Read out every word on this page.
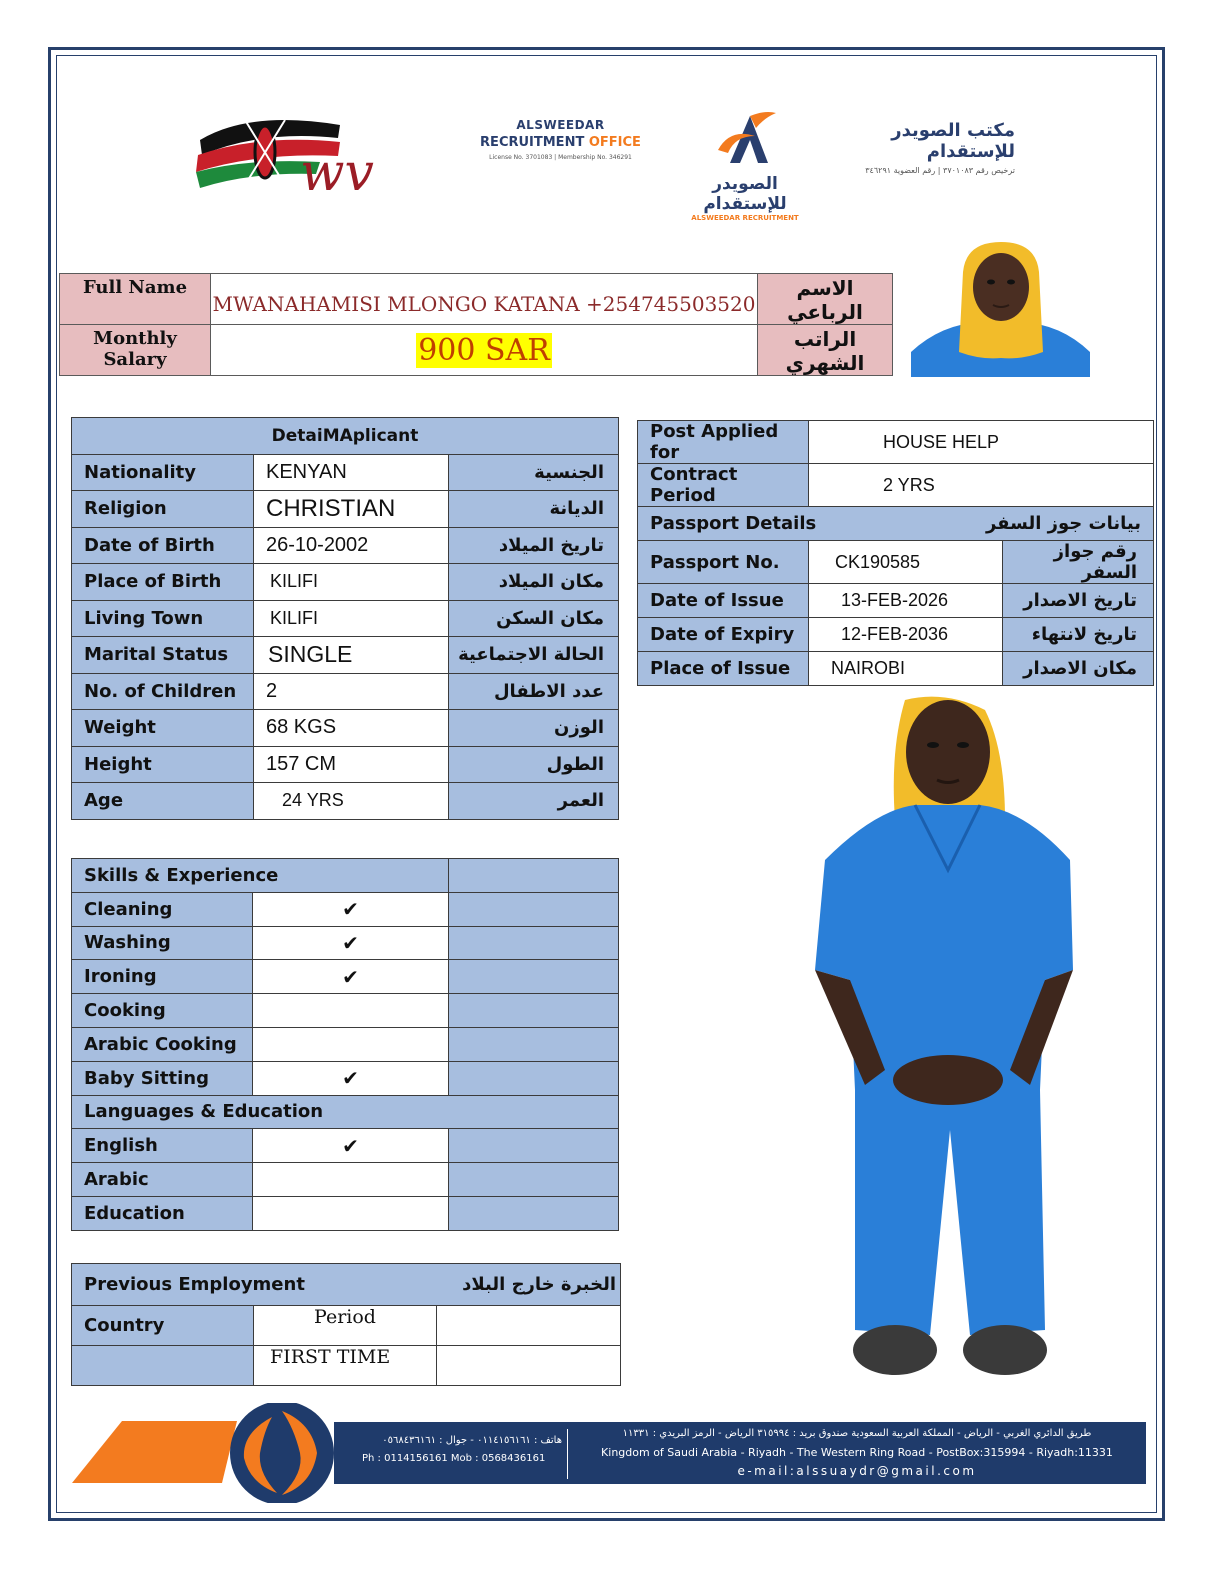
wv
ALSWEEDAR
RECRUITMENT OFFICE
License No. 3701083 | Membership No. 346291
الصويدر للإستقدام
ALSWEEDAR RECRUITMENT
مكتب الصويدر للإستقدام
ترخيص رقم ٣٧٠١٠٨٣ | رقم العضوية ٣٤٦٢٩١
Full Name	MWANAHAMISI MLONGO KATANA +254745503520	الاسم الرباعي
Monthly Salary	900 SAR	الراتب الشهري
DetaiMAplicant		
Nationality	KENYAN	الجنسية
Religion	CHRISTIAN	الديانة
Date of Birth	26-10-2002	تاريخ الميلاد
Place of Birth	KILIFI	مكان الميلاد
Living Town	KILIFI	مكان السكن
Marital Status	SINGLE	الحالة الاجتماعية
No. of Children	2	عدد الاطفال
Weight	68 KGS	الوزن
Height	157 CM	الطول
Age	24 YRS	العمر
Post Applied for	HOUSE HELP	
Contract Period	2 YRS	
Passport Details بيانات جوز السفر		

Passport No.	CK190585	رقم جواز السفر
Date of Issue	13-FEB-2026	تاريخ الاصدار
Date of Expiry	12-FEB-2036	تاريخ لانتهاء
Place of Issue	NAIROBI	مكان الاصدار
Skills & Experience		
Cleaning	✔	
Washing	✔	
Ironing	✔	
Cooking		
Arabic Cooking		
Baby Sitting	✔	
Languages & Education		
English	✔	
Arabic		
Education		
Previous Employment الخبرة خارج البلاد		

Country	Period	
	FIRST TIME	
هاتف : ٠١١٤١٥٦١٦١ - جوال : ٠٥٦٨٤٣٦١٦١
Ph : 0114156161 Mob : 0568436161
طريق الدائري الغربي - الرياض - المملكة العربية السعودية صندوق بريد : ٣١٥٩٩٤ الرياض - الرمز البريدي : ١١٣٣١
Kingdom of Saudi Arabia - Riyadh - The Western Ring Road - PostBox:315994 - Riyadh:11331
e-mail:alssuaydr@gmail.com
